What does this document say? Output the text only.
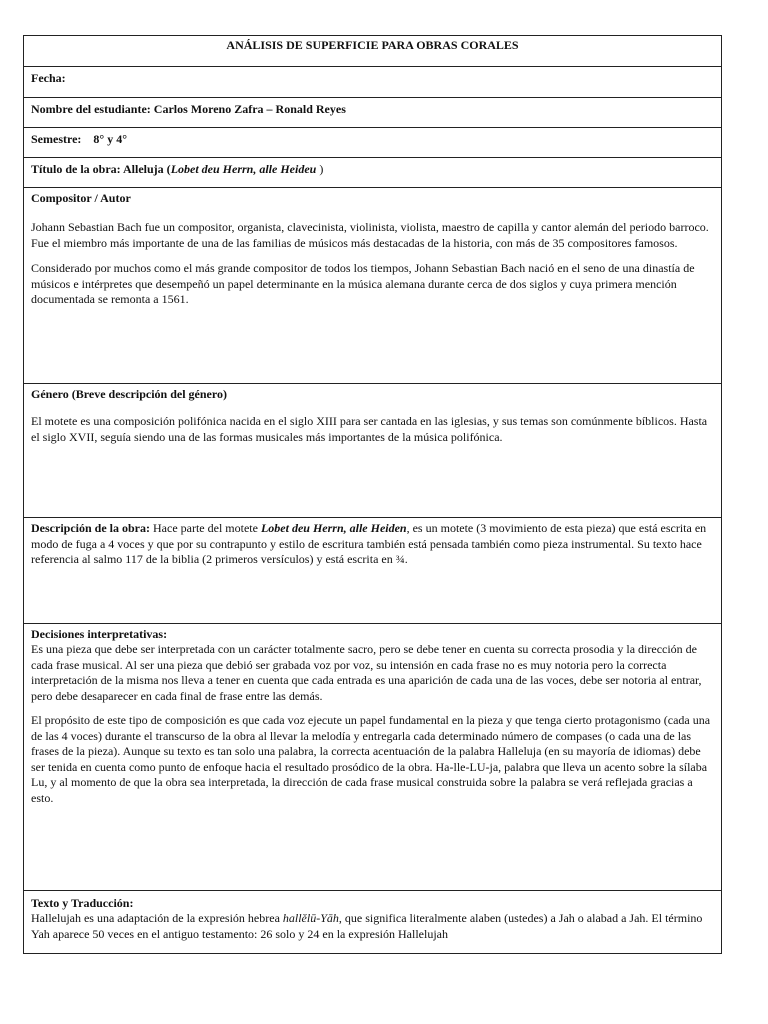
ANÁLISIS DE SUPERFICIE PARA OBRAS CORALES
Fecha:
Nombre del estudiante: Carlos Moreno Zafra – Ronald Reyes
Semestre: 8° y 4°
Título de la obra: Alleluja (Lobet deu Herrn, alle Heideu )
Compositor / Autor

Johann Sebastian Bach fue un compositor, organista, clavecinista, violinista, violista, maestro de capilla y cantor alemán del periodo barroco. Fue el miembro más importante de una de las familias de músicos más destacadas de la historia, con más de 35 compositores famosos.

Considerado por muchos como el más grande compositor de todos los tiempos, Johann Sebastian Bach nació en el seno de una dinastía de músicos e intérpretes que desempeñó un papel determinante en la música alemana durante cerca de dos siglos y cuya primera mención documentada se remonta a 1561.

Género (Breve descripción del género)

El motete es una composición polifónica nacida en el siglo XIII para ser cantada en las iglesias, y sus temas son comúnmente bíblicos. Hasta el siglo XVII, seguía siendo una de las formas musicales más importantes de la música polifónica.

Descripción de la obra: Hace parte del motete Lobet deu Herrn, alle Heiden, es un motete (3 movimiento de esta pieza) que está escrita en modo de fuga a 4 voces y que por su contrapunto y estilo de escritura también está pensada también como pieza instrumental. Su texto hace referencia al salmo 117 de la biblia (2 primeros versículos) y está escrita en ¾.

Decisiones interpretativas:

Es una pieza que debe ser interpretada con un carácter totalmente sacro, pero se debe tener en cuenta su correcta prosodia y la dirección de cada frase musical. Al ser una pieza que debió ser grabada voz por voz, su intensión en cada frase no es muy notoria pero la correcta interpretación de la misma nos lleva a tener en cuenta que cada entrada es una aparición de cada una de las voces, debe ser notoria al entrar, pero debe desaparecer en cada final de frase entre las demás.

El propósito de este tipo de composición es que cada voz ejecute un papel fundamental en la pieza y que tenga cierto protagonismo (cada una de las 4 voces) durante el transcurso de la obra al llevar la melodía y entregarla cada determinado número de compases (o cada una de las frases de la pieza). Aunque su texto es tan solo una palabra, la correcta acentuación de la palabra Halleluja (en su mayoría de idiomas) debe ser tenida en cuenta como punto de enfoque hacia el resultado prosódico de la obra. Ha-lle-LU-ja, palabra que lleva un acento sobre la sílaba Lu, y al momento de que la obra sea interpretada, la dirección de cada frase musical construida sobre la palabra se verá reflejada gracias a esto.

Texto y Traducción:

Hallelujah es una adaptación de la expresión hebrea hallĕlū-Yāh, que significa literalmente alaben (ustedes) a Jah o alabad a Jah. El término Yah aparece 50 veces en el antiguo testamento: 26 solo y 24 en la expresión Hallelujah
